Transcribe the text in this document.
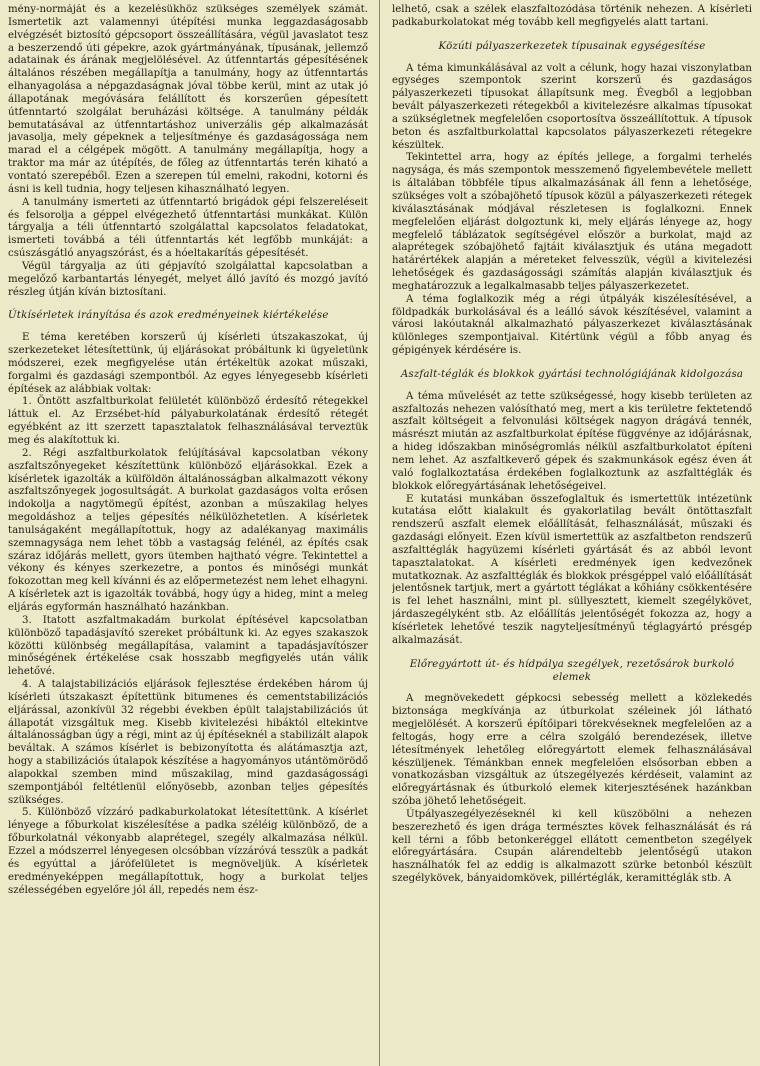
mény-normáját és a kezelésükhöz szükséges személyek számát. Ismertetik azt valamennyi útépítési munka leggazdaságosabb elvégzését biztosító gépcsoport összeállítására, végül javaslatot tesz a beszerzendő úti gépekre, azok gyártmányának, típusának, jellemző adatainak és árának megjelölésével. Az útfenntartás gépesítésének általános részében megállapítja a tanulmány, hogy az útfenntartás elhanyagolása a népgazdaságnak jóval többe kerül, mint az utak jó állapotának megóvására felállított és korszerűen gépesített útfenntartó szolgálat beruházási költsége. A tanulmány példák bemutatásával az útfenntartáshoz univerzális gép alkalmazását javasolja, mely gépeknek a teljesítménye és gazdaságossága nem marad el a célgépek mögött. A tanulmány megállapítja, hogy a traktor ma már az útépítés, de főleg az útfenntartás terén kiható a vontató szerepéből. Ezen a szerepen túl emelni, rakodni, kotorni és ásni is kell tudnia, hogy teljesen kihasználható legyen.

A tanulmány ismerteti az útfenntartó brigádok gépi felszereléseit és felsorolja a géppel elvégezhető útfenntartási munkákat. Külön tárgyalja a téli útfenntartó szolgálattal kapcsolatos feladatokat, ismerteti továbbá a téli útfenntartás két legfőbb munkáját: a csúszásgátló anyagszórást, és a hóeltakarítás gépesítését.

Végül tárgyalja az úti gépjavító szolgálattal kapcsolatban a megelőző karbantartás lényegét, melyet álló javító és mozgó javító részleg útján kíván biztosítani.

Útkísérletek irányítása és azok eredményeinek kiértékelése

E téma keretében korszerű új kísérleti útszakaszokat, új szerkezeteket létesítettünk, új eljárásokat próbáltunk ki ügyeletünk módszerei, ezek megfigyelése után értékeltük azokat műszaki, forgalmi és gazdasági szempontból. Az egyes lényegesebb kísérleti építések az alábbiak voltak:

1. Öntött aszfaltburkolat felületét különböző érdesítő rétegekkel láttuk el. Az Erzsébet-híd pályaburkolatának érdesítő rétegét egyébként az itt szerzett tapasztalatok felhasználásával terveztük meg és alakítottuk ki.

2. Régi aszfaltburkolatok felújításával kapcsolatban vékony aszfaltszőnyegeket készítettünk különböző eljárásokkal. Ezek a kísérletek igazolták a külföldön általánosságban alkalmazott vékony aszfaltszőnyegek jogosultságát. A burkolat gazdaságos volta erősen indokolja a nagytömegű építést, azonban a műszakilag helyes megoldáshoz a teljes gépesítés nélkülözhetetlen. A kísérletek tanulságaként megállapítottuk, hogy az adalékanyag maximális szemnagysága nem lehet több a vastagság felénél, az építés csak száraz időjárás mellett, gyors ütemben hajtható végre. Tekintettel a vékony és kényes szerkezetre, a pontos és minőségi munkát fokozottan meg kell kívánni és az előpermetezést nem lehet elhagyni. A kísérletek azt is igazolták továbbá, hogy úgy a hideg, mint a meleg eljárás egyformán használható hazánkban.

3. Itatott aszfaltmakadám burkolat építésével kapcsolatban különböző tapadásjavító szereket próbáltunk ki. Az egyes szakaszok közötti különbség megállapítása, valamint a tapadásjavítószer minőségének értékelése csak hosszabb megfigyelés után válik lehetővé.

4. A talajstabilizációs eljárások fejlesztése érdekében három új kísérleti útszakaszt építettünk bitumenes és cementstabilizációs eljárással, azonkívül 32 régebbi években épült talajstabilizációs út állapotát vizsgáltuk meg. Kisebb kivitelezési hibáktól eltekintve általánosságban úgy a régi, mint az új építéseknél a stabilizált alapok beváltak. A számos kísérlet is bebizonyította és alátámasztja azt, hogy a stabilizációs útalapok készítése a hagyományos utántömörödő alapokkal szemben mind műszakilag, mind gazdaságossági szempontjából feltétlenül előnyösebb, azonban teljes gépesítés szükséges.

5. Különböző vízzáró padkaburkolatokat létesítettünk. A kísérlet lényege a főburkolat kiszélesítése a padka széléig különböző, de a főburkolatnál vékonyabb alaprétegel, szegély alkalmazása nélkül. Ezzel a módszerrel lényegesen olcsóbban vízzáróvá tesszük a padkát és egyúttal a járófelületet is megnövelјük. A kísérletek eredményeképpen megállapítottuk, hogy a burkolat teljes szélességében egyelőre jól áll, repedés nem ész-

lelhető, csak a szélek elaszfaltozódása történik nehezen. A kísérleti padkaburkolatokat még tovább kell megfigyelés alatt tartani.

Közúti pályaszerkezetek típusainak egységesítése

A téma kimunkálásával az volt a célunk, hogy hazai viszonylatban egységes szempontok szerint korszerű és gazdaságos pályaszerkezeti típusokat állapítsunk meg. Évegből a legjobban bevált pályaszerkezeti rétegekből a kivitelezésre alkalmas típusokat a szükségletnek megfelelően csoportosítva összeállítottuk. A típusok beton és aszfaltburkolattal kapcsolatos pályaszerkezeti rétegekre készültek.

Tekintettel arra, hogy az építés jellege, a forgalmi terhelés nagysága, és más szempontok messzemenő figyelembevétele mellett is általában többféle típus alkalmazásának áll fenn a lehetősége, szükséges volt a szóbajöhető típusok közül a pályaszerkezeti rétegek kiválasztásának módjával részletesen is foglalkozni. Ennek megfelelően eljárást dolgoztunk ki, mely eljárás lényege az, hogy megfelelő táblázatok segítségével először a burkolat, majd az alaprétegek szóbajöhető fajtáit kiválasztjuk és utána megadott határértékek alapján a méreteket felvesszük, végül a kivitelezési lehetőségek és gazdaságossági számítás alapján kiválasztjuk és meghatározzuk a legalkalmasabb teljes pályaszerkezetet.

A téma foglalkozik még a régi útpályák kiszélesítésével, a földpadkák burkolásával és a leálló sávok készítésével, valamint a városi lakóutaknál alkalmazható pályaszerkezet kiválasztásának különleges szempontjaival. Kitértünk végül a főbb anyag és gépigények kérdésére is.

Aszfalt-téglák és blokkok gyártási technológiájának kidolgozása

A téma művelését az tette szükségessé, hogy kisebb területen az aszfaltozás nehezen valósítható meg, mert a kis területre fektetendő aszfalt költségeit a felvonulási költségek nagyon drágává tennék, másrészt miután az aszfaltburkolat építése függvénye az időjárásnak, a hideg időszakban minőségromlás nélkül aszfaltburkolatot építeni nem lehet. Az aszfaltkeverő gépek és szakmunkások egész éven át való foglalkoztatása érdekében foglalkoztunk az aszfalttéglák és blokkok előregyártásának lehetőségeivel.

E kutatási munkában összefoglaltuk és ismertettük intézetünk kutatása előtt kialakult és gyakorlatilag bevált öntöttaszfalt rendszerű aszfalt elemek előállítását, felhasználását, műszaki és gazdasági előnyeit. Ezen kívül ismertettük az aszfaltbeton rendszerű aszfalttéglák hagyüzemi kísérleti gyártását és az abból levont tapasztalatokat. A kísérleti eredmények igen kedvezőnek mutatkoznak. Az aszfalttéglák és blokkok présgéppel való előállítását jelentősnek tartjuk, mert a gyártott téglákat a kőhiány csökkentésére is fel lehet használni, mint pl. süllyesztett, kiemelt szegélykövet, járdaszegélyként stb. Az előállítás jelentőségét fokozza az, hogy a kísérletek lehetővé teszik nagyteljesítményű téglagyártó présgép alkalmazását.

Előregyártott út- és hídpálya szegélyek, rezetősárok burkoló elemek

A megnövekedett gépkocsi sebesség mellett a közlekedés biztonsága megkívánja az útburkolat széleinek jól látható megjelölését. A korszerű építőipari törekvéseknek megfelelően az a feltogás, hogy erre a célra szolgáló berendezések, illetve létesítmények lehetőleg előregyártott elemek felhasználásával készüljenek. Témánkban ennek megfelelően elsősorban ebben a vonatkozásban vizsgáltuk az útszegélyezés kérdéseit, valamint az előregyártásnak és útburkoló elemek kiterjesztésének hazánkban szóba jöhető lehetőségeit.

Útpályaszegélyezéseknél ki kell küszöbölni a nehezen beszerezhető és igen drága természtes kövek felhasználását és rá kell térni a főbb betonkeréggel ellátott cementbeton szegélyek előregyártására. Csupán alárendeltebb jelentőségű utakon használhatók fel az eddig is alkalmazott szürke betonból készült szegélykövek, bányaidomkövek, pillértéglák, keramittéglák stb. A
